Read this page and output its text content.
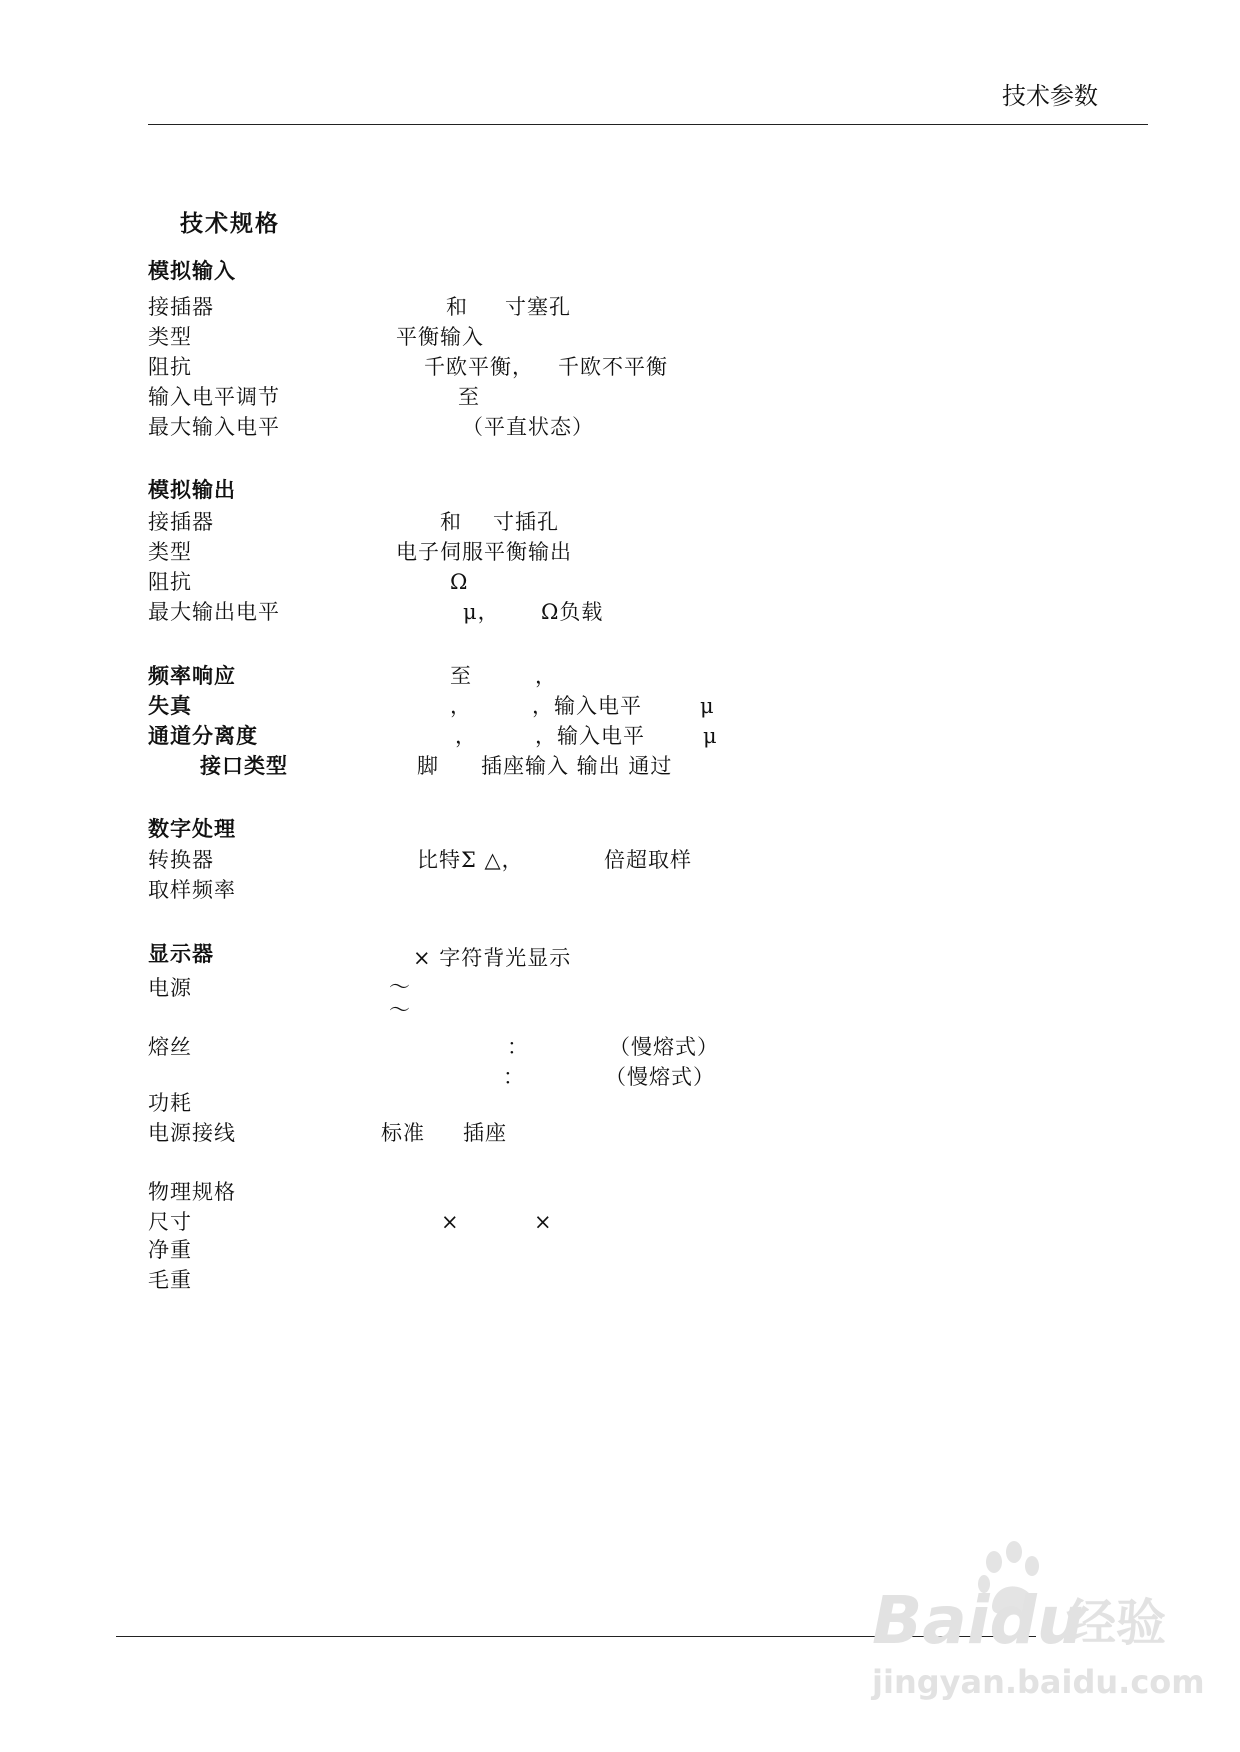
技术参数
技术规格
模拟输入
接插器	和 寸塞孔
类型	平衡输入
阻抗	千欧平衡， 千欧不平衡
输入电平调节	至
最大输入电平	（平直状态）
模拟输出
接插器	和 寸插孔
类型	电子伺服平衡输出
阻抗	Ω
最大输出电平	μ， Ω负载
频率响应	至	，
失真	，	，输入电平	μ
通道分离度	，	，输入电平	μ
接口类型	脚 插座输入 输出 通过
数字处理
转换器	比特Σ △，	倍超取样
取样频率
显示器	× 字符背光显示
电源	～
～
熔丝	：	（慢熔式）
：	（慢熔式）
功耗
电源接线	标准 插座
物理规格
尺寸	×	×
净重
毛重
Baidu
经验
jingyan.baidu.com
